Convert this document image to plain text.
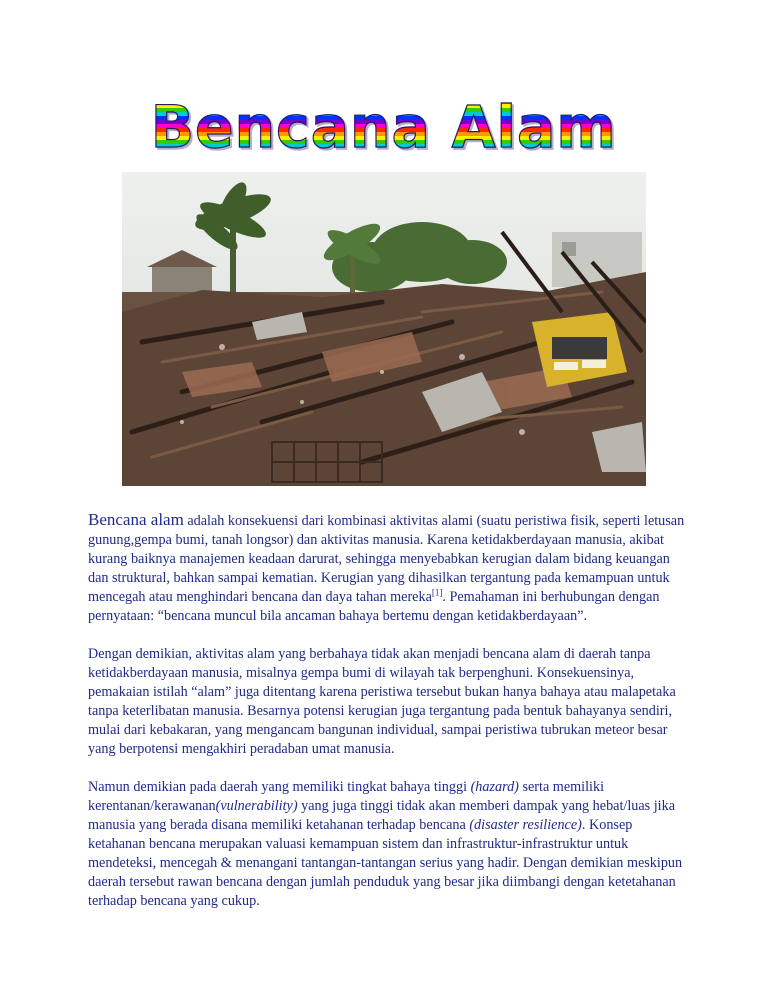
Bencana Alam

Bencana alam adalah konsekuensi dari kombinasi aktivitas alami (suatu peristiwa fisik, seperti letusan gunung,gempa bumi, tanah longsor) dan aktivitas manusia. Karena ketidakberdayaan manusia, akibat kurang baiknya manajemen keadaan darurat, sehingga menyebabkan kerugian dalam bidang keuangan dan struktural, bahkan sampai kematian. Kerugian yang dihasilkan tergantung pada kemampuan untuk mencegah atau menghindari bencana dan daya tahan mereka[1]. Pemahaman ini berhubungan dengan pernyataan: “bencana muncul bila ancaman bahaya bertemu dengan ketidakberdayaan”.

Dengan demikian, aktivitas alam yang berbahaya tidak akan menjadi bencana alam di daerah tanpa ketidakberdayaan manusia, misalnya gempa bumi di wilayah tak berpenghuni. Konsekuensinya, pemakaian istilah “alam” juga ditentang karena peristiwa tersebut bukan hanya bahaya atau malapetaka tanpa keterlibatan manusia. Besarnya potensi kerugian juga tergantung pada bentuk bahayanya sendiri, mulai dari kebakaran, yang mengancam bangunan individual, sampai peristiwa tubrukan meteor besar yang berpotensi mengakhiri peradaban umat manusia.

Namun demikian pada daerah yang memiliki tingkat bahaya tinggi (hazard) serta memiliki kerentanan/kerawanan(vulnerability) yang juga tinggi tidak akan memberi dampak yang hebat/luas jika manusia yang berada disana memiliki ketahanan terhadap bencana (disaster resilience). Konsep ketahanan bencana merupakan valuasi kemampuan sistem dan infrastruktur-infrastruktur untuk mendeteksi, mencegah & menangani tantangan-tantangan serius yang hadir. Dengan demikian meskipun daerah tersebut rawan bencana dengan jumlah penduduk yang besar jika diimbangi dengan ketetahanan terhadap bencana yang cukup.
